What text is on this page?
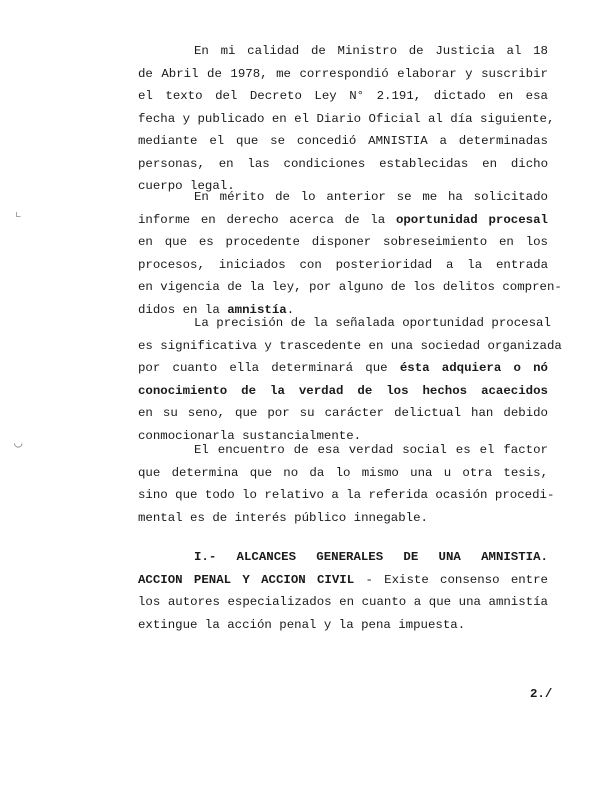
⌞
◡
En mi calidad de Ministro de Justicia al 18
de Abril de 1978, me correspondió elaborar y suscribir
el texto del Decreto Ley N° 2.191, dictado en esa
fecha y publicado en el Diario Oficial al día siguiente,
mediante el que se concedió AMNISTIA a determinadas
personas, en las condiciones establecidas en dicho
cuerpo legal.
En mérito de lo anterior se me ha solicitado
informe en derecho acerca de la oportunidad procesal
en que es procedente disponer sobreseimiento en los
procesos, iniciados con posterioridad a la entrada
en vigencia de la ley, por alguno de los delitos compren-
didos en la amnistía.
La precisión de la señalada oportunidad procesal
es significativa y trascedente en una sociedad organizada
por cuanto ella determinará que ésta adquiera o nó
conocimiento de la verdad de los hechos acaecidos
en su seno, que por su carácter delictual han debido
conmocionarla sustancialmente.
El encuentro de esa verdad social es el factor
que determina que no da lo mismo una u otra tesis,
sino que todo lo relativo a la referida ocasión procedi-
mental es de interés público innegable.
I.- ALCANCES GENERALES DE UNA AMNISTIA.
ACCION PENAL Y ACCION CIVIL - Existe consenso entre
los autores especializados en cuanto a que una amnistía
extingue la acción penal y la pena impuesta.
2./
